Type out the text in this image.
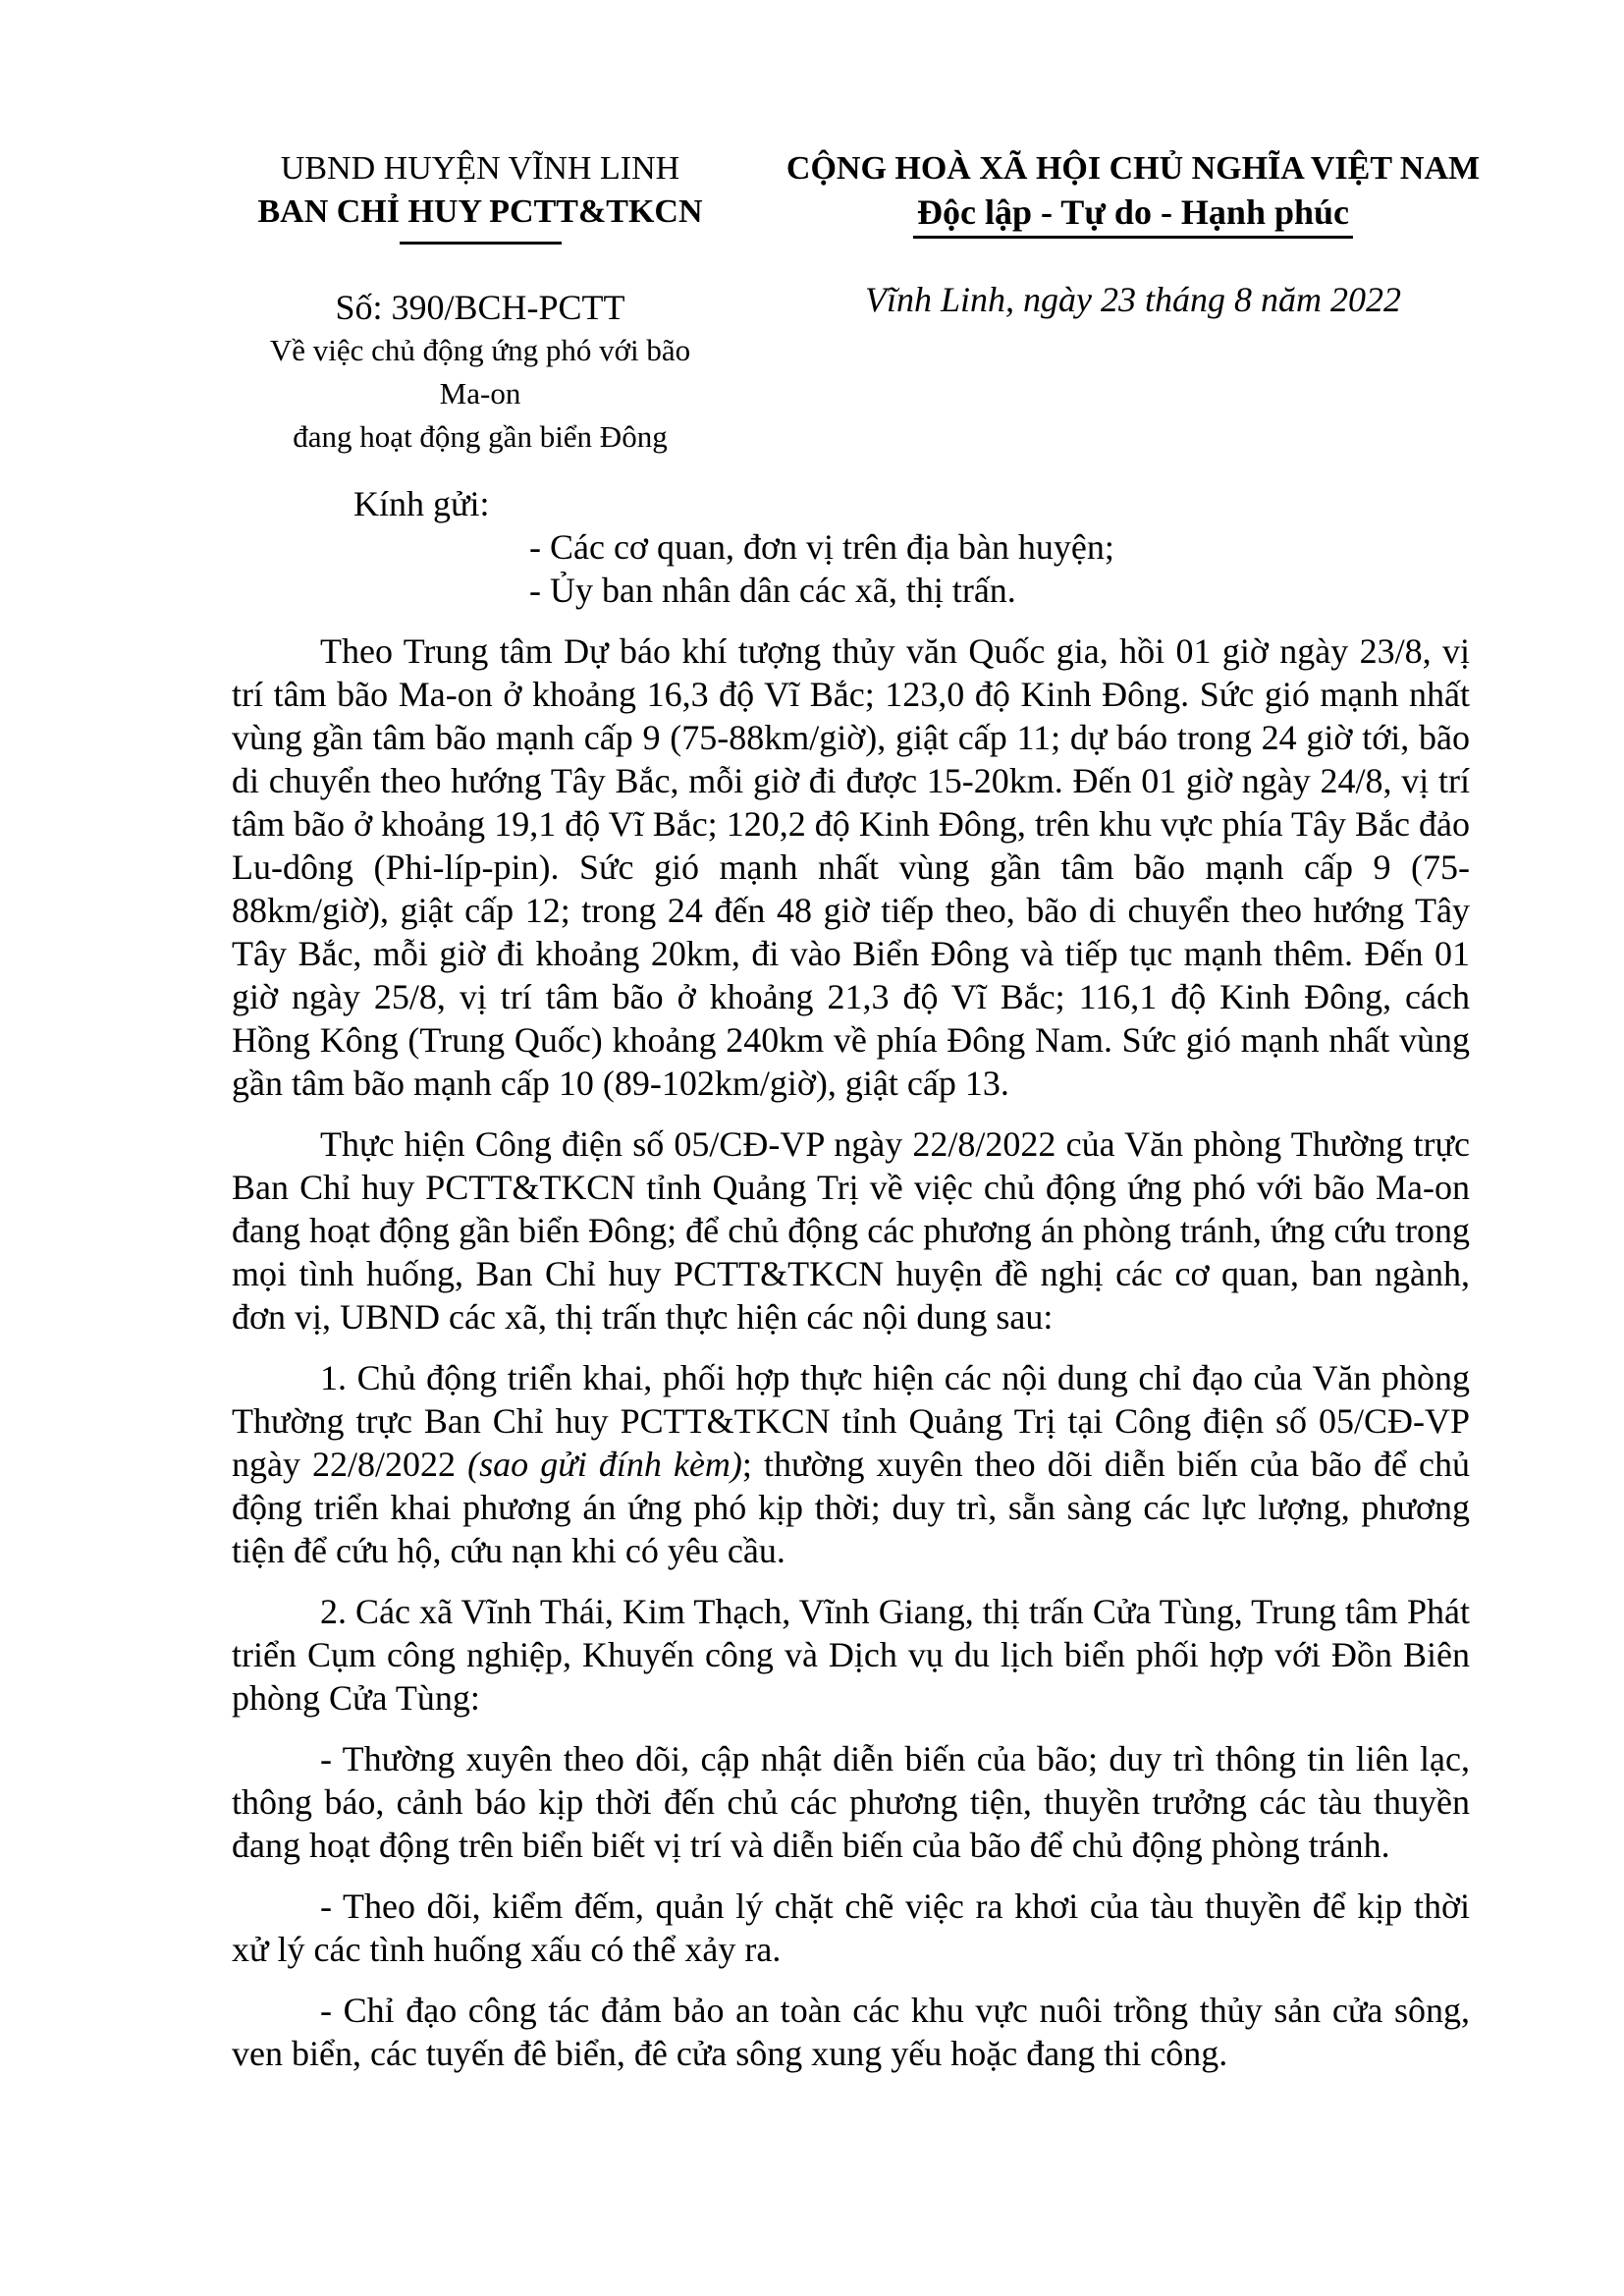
UBND HUYỆN VĨNH LINH
BAN CHỈ HUY PCTT&TKCN
Số: 390/BCH-PCTT
Về việc chủ động ứng phó với bão Ma-on
đang hoạt động gần biển Đông
CỘNG HOÀ XÃ HỘI CHỦ NGHĨA VIỆT NAM
Độc lập - Tự do - Hạnh phúc
Vĩnh Linh, ngày 23 tháng 8 năm 2022
Kính gửi:
- Các cơ quan, đơn vị trên địa bàn huyện;
- Ủy ban nhân dân các xã, thị trấn.

Theo Trung tâm Dự báo khí tượng thủy văn Quốc gia, hồi 01 giờ ngày 23/8, vị trí tâm bão Ma-on ở khoảng 16,3 độ Vĩ Bắc; 123,0 độ Kinh Đông. Sức gió mạnh nhất vùng gần tâm bão mạnh cấp 9 (75-88km/giờ), giật cấp 11; dự báo trong 24 giờ tới, bão di chuyển theo hướng Tây Bắc, mỗi giờ đi được 15-20km. Đến 01 giờ ngày 24/8, vị trí tâm bão ở khoảng 19,1 độ Vĩ Bắc; 120,2 độ Kinh Đông, trên khu vực phía Tây Bắc đảo Lu-dông (Phi-líp-pin). Sức gió mạnh nhất vùng gần tâm bão mạnh cấp 9 (75-88km/giờ), giật cấp 12; trong 24 đến 48 giờ tiếp theo, bão di chuyển theo hướng Tây Tây Bắc, mỗi giờ đi khoảng 20km, đi vào Biển Đông và tiếp tục mạnh thêm. Đến 01 giờ ngày 25/8, vị trí tâm bão ở khoảng 21,3 độ Vĩ Bắc; 116,1 độ Kinh Đông, cách Hồng Kông (Trung Quốc) khoảng 240km về phía Đông Nam. Sức gió mạnh nhất vùng gần tâm bão mạnh cấp 10 (89-102km/giờ), giật cấp 13.

Thực hiện Công điện số 05/CĐ-VP ngày 22/8/2022 của Văn phòng Thường trực Ban Chỉ huy PCTT&TKCN tỉnh Quảng Trị về việc chủ động ứng phó với bão Ma-on đang hoạt động gần biển Đông; để chủ động các phương án phòng tránh, ứng cứu trong mọi tình huống, Ban Chỉ huy PCTT&TKCN huyện đề nghị các cơ quan, ban ngành, đơn vị, UBND các xã, thị trấn thực hiện các nội dung sau:

1. Chủ động triển khai, phối hợp thực hiện các nội dung chỉ đạo của Văn phòng Thường trực Ban Chỉ huy PCTT&TKCN tỉnh Quảng Trị tại Công điện số 05/CĐ-VP ngày 22/8/2022 (sao gửi đính kèm); thường xuyên theo dõi diễn biến của bão để chủ động triển khai phương án ứng phó kịp thời; duy trì, sẵn sàng các lực lượng, phương tiện để cứu hộ, cứu nạn khi có yêu cầu.

2. Các xã Vĩnh Thái, Kim Thạch, Vĩnh Giang, thị trấn Cửa Tùng, Trung tâm Phát triển Cụm công nghiệp, Khuyến công và Dịch vụ du lịch biển phối hợp với Đồn Biên phòng Cửa Tùng:

- Thường xuyên theo dõi, cập nhật diễn biến của bão; duy trì thông tin liên lạc, thông báo, cảnh báo kịp thời đến chủ các phương tiện, thuyền trưởng các tàu thuyền đang hoạt động trên biển biết vị trí và diễn biến của bão để chủ động phòng tránh.

- Theo dõi, kiểm đếm, quản lý chặt chẽ việc ra khơi của tàu thuyền để kịp thời xử lý các tình huống xấu có thể xảy ra.

- Chỉ đạo công tác đảm bảo an toàn các khu vực nuôi trồng thủy sản cửa sông, ven biển, các tuyến đê biển, đê cửa sông xung yếu hoặc đang thi công.
